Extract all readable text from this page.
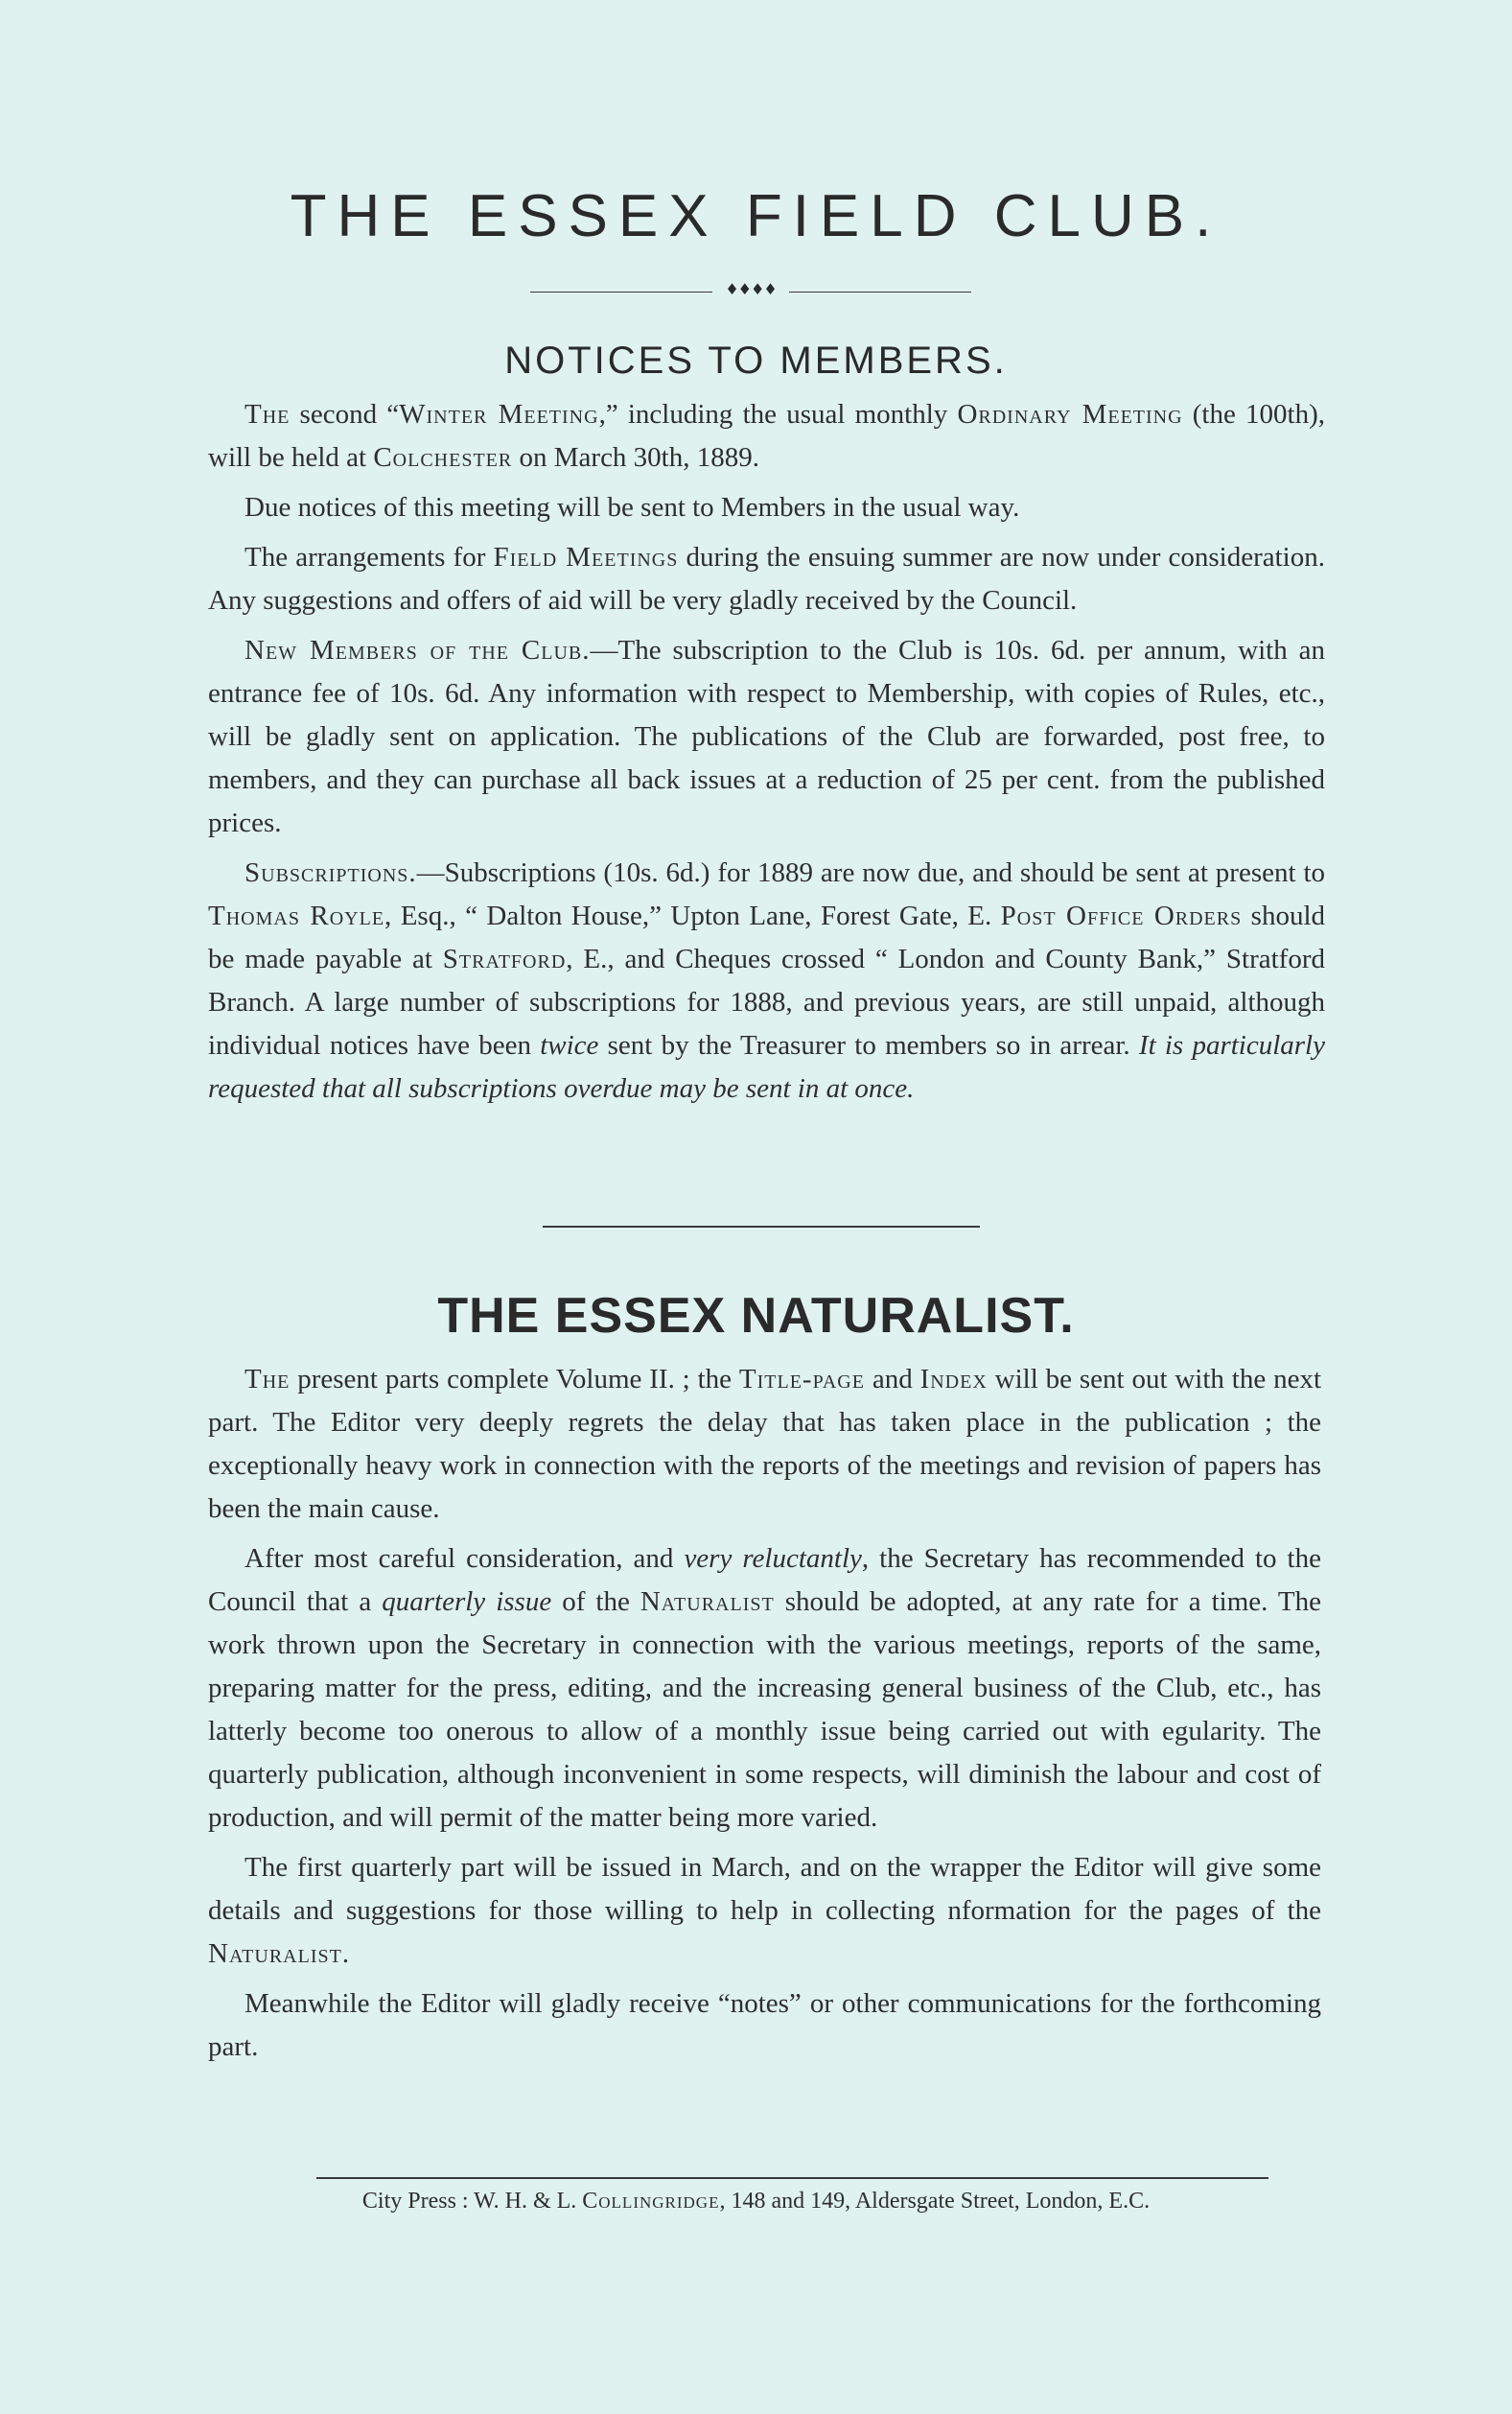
THE ESSEX FIELD CLUB.
♦♦♦♦
NOTICES TO MEMBERS.

The second “Winter Meeting,” including the usual monthly Ordinary Meeting (the 100th), will be held at Colchester on March 30th, 1889.

Due notices of this meeting will be sent to Members in the usual way.

The arrangements for Field Meetings during the ensuing summer are now under consideration. Any suggestions and offers of aid will be very gladly received by the Council.

New Members of the Club.—The subscription to the Club is 10s. 6d. per annum, with an entrance fee of 10s. 6d. Any information with respect to Membership, with copies of Rules, etc., will be gladly sent on application. The publications of the Club are forwarded, post free, to members, and they can purchase all back issues at a reduction of 25 per cent. from the published prices.

Subscriptions.—Subscriptions (10s. 6d.) for 1889 are now due, and should be sent at present to Thomas Royle, Esq., “ Dalton House,” Upton Lane, Forest Gate, E. Post Office Orders should be made payable at Stratford, E., and Cheques crossed “ London and County Bank,” Stratford Branch. A large number of subscriptions for 1888, and previous years, are still unpaid, although individual notices have been twice sent by the Treasurer to members so in arrear. It is particularly requested that all subscriptions overdue may be sent in at once.

THE ESSEX NATURALIST.

The present parts complete Volume II. ; the Title-page and Index will be sent out with the next part. The Editor very deeply regrets the delay that has taken place in the publication ; the exceptionally heavy work in connection with the reports of the meetings and revision of papers has been the main cause.

After most careful consideration, and very reluctantly, the Secretary has recommended to the Council that a quarterly issue of the Naturalist should be adopted, at any rate for a time. The work thrown upon the Secretary in connection with the various meetings, reports of the same, preparing matter for the press, editing, and the increasing general business of the Club, etc., has latterly become too onerous to allow of a monthly issue being carried out with egularity. The quarterly publication, although inconvenient in some respects, will diminish the labour and cost of production, and will permit of the matter being more varied.

The first quarterly part will be issued in March, and on the wrapper the Editor will give some details and suggestions for those willing to help in collecting nformation for the pages of the Naturalist.

Meanwhile the Editor will gladly receive “notes” or other communications for the forthcoming part.

City Press : W. H. & L. Collingridge, 148 and 149, Aldersgate Street, London, E.C.
